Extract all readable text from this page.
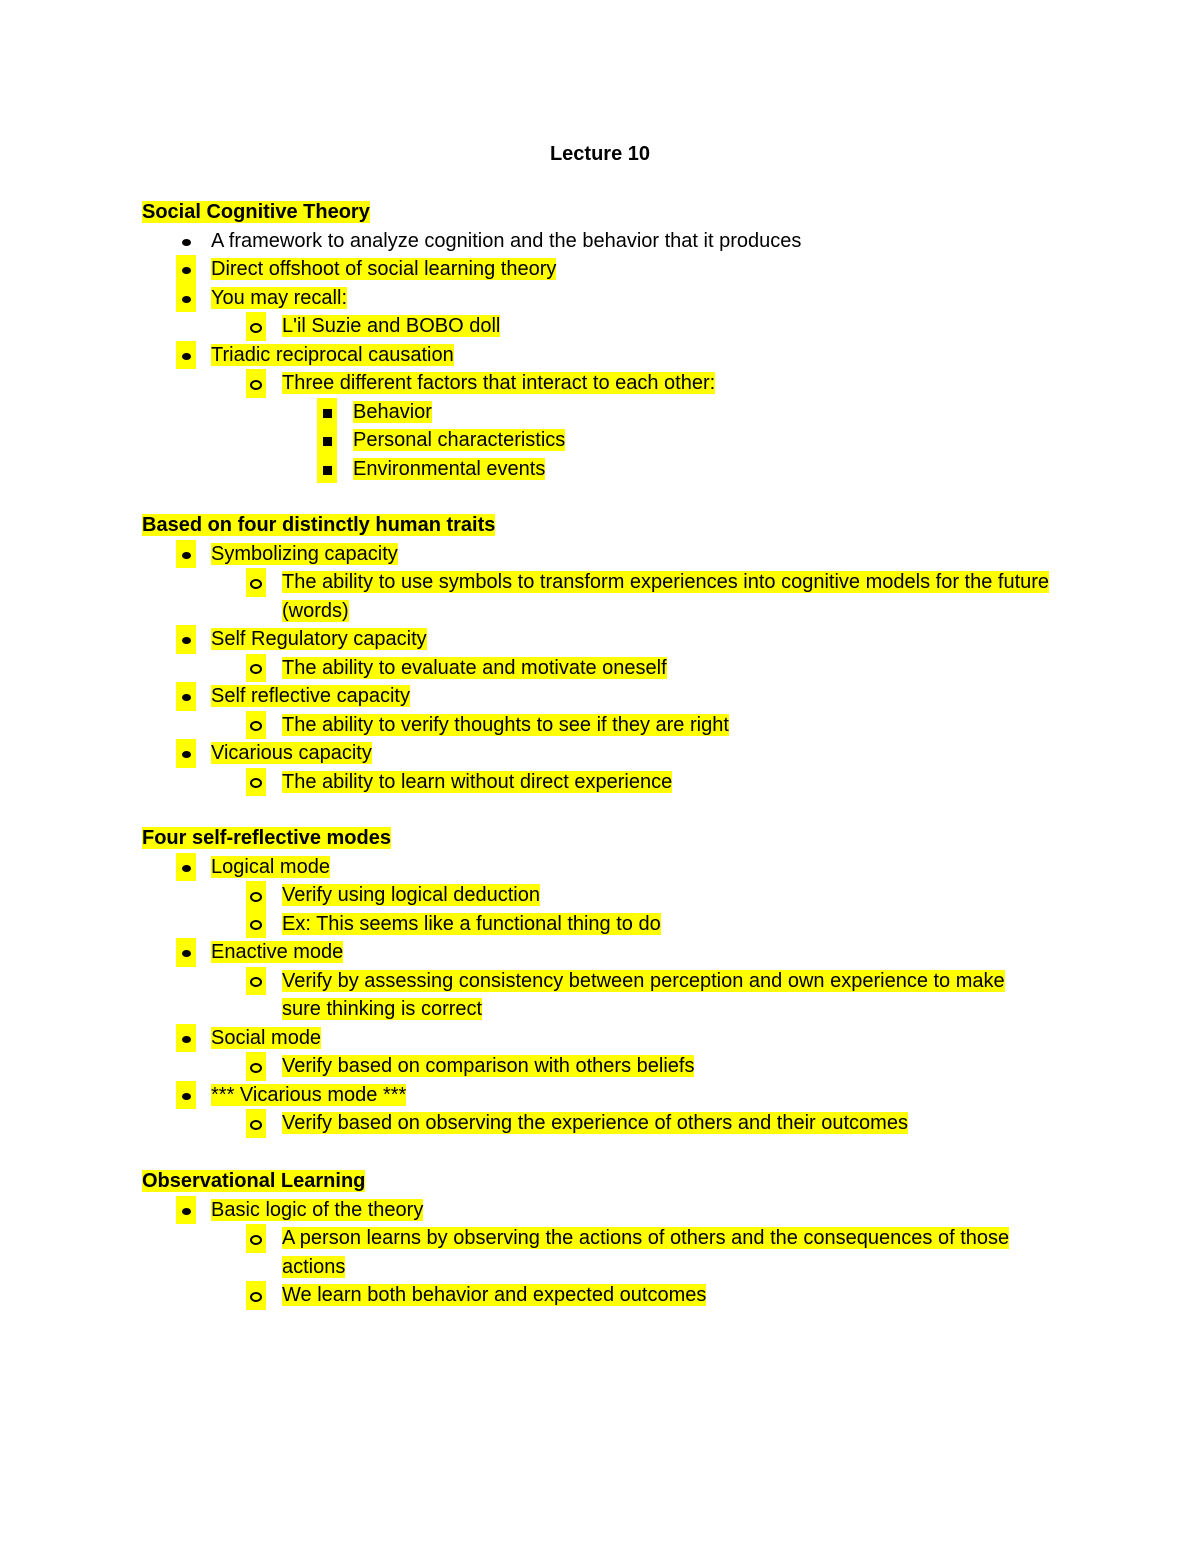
Lecture 10
Social Cognitive Theory
A framework to analyze cognition and the behavior that it produces
Direct offshoot of social learning theory
You may recall:
L'il Suzie and BOBO doll
Triadic reciprocal causation
Three different factors that interact to each other:
Behavior
Personal characteristics
Environmental events
Based on four distinctly human traits
Symbolizing capacity
The ability to use symbols to transform experiences into cognitive models for the future (words)
Self Regulatory capacity
The ability to evaluate and motivate oneself
Self reflective capacity
The ability to verify thoughts to see if they are right
Vicarious capacity
The ability to learn without direct experience
Four self-reflective modes
Logical mode
Verify using logical deduction
Ex: This seems like a functional thing to do
Enactive mode
Verify by assessing consistency between perception and own experience to make sure thinking is correct
Social mode
Verify based on comparison with others beliefs
*** Vicarious mode ***
Verify based on observing the experience of others and their outcomes
Observational Learning
Basic logic of the theory
A person learns by observing the actions of others and the consequences of those actions
We learn both behavior and expected outcomes
